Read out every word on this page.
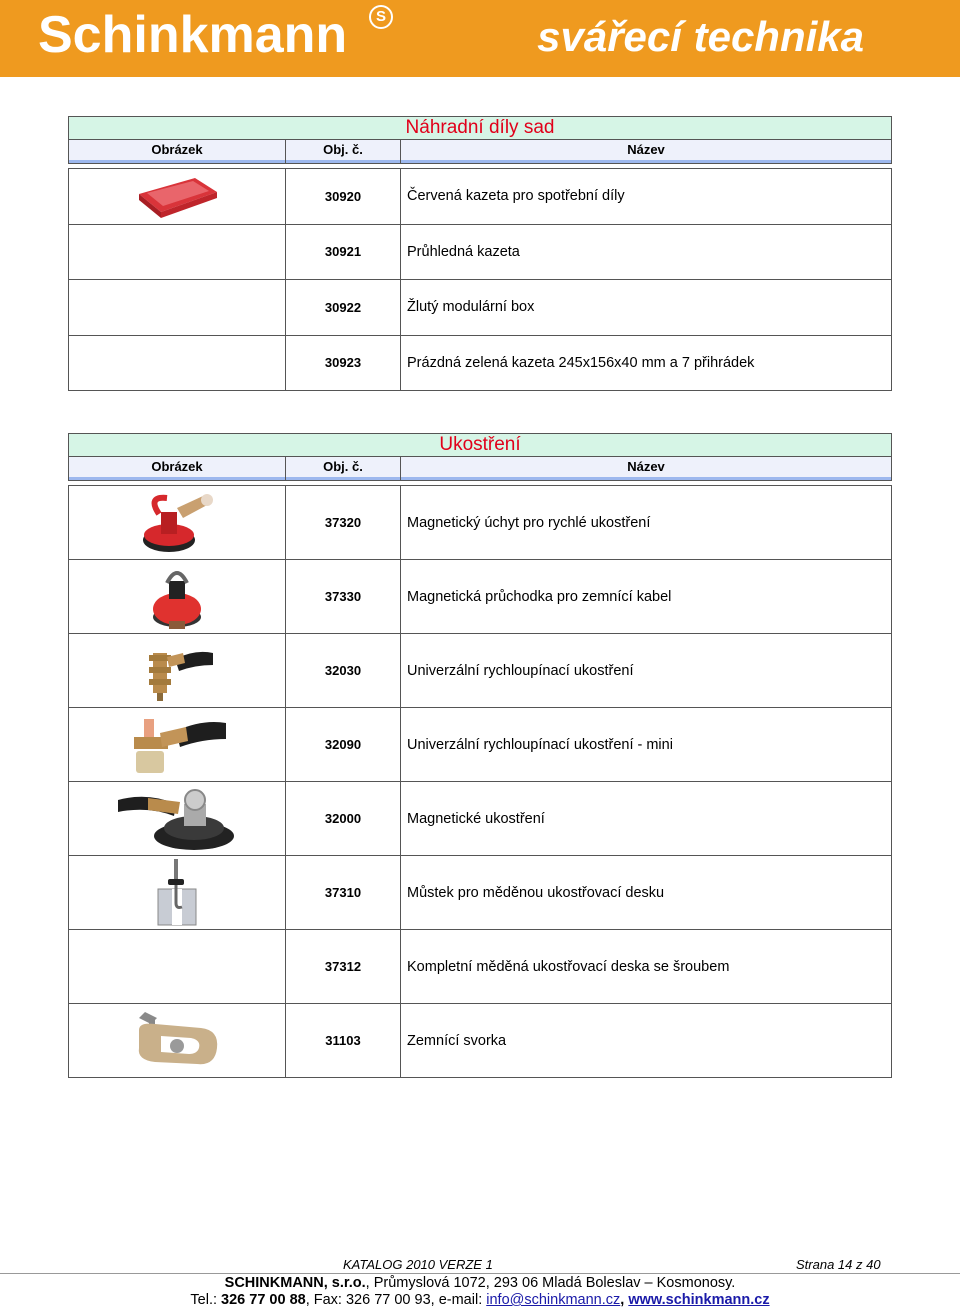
Schinkmann	S	svářecí technika
Náhradní díly sad
Obrázek	Obj. č.	Název
30920	Červená kazeta pro spotřební díly
30921	Průhledná kazeta
30922	Žlutý modulární box
30923	Prázdná zelená kazeta 245x156x40 mm a 7 přihrádek
Ukostření
Obrázek	Obj. č.	Název
37320	Magnetický úchyt pro rychlé ukostření
37330	Magnetická průchodka pro zemnící kabel
32030	Univerzální rychloupínací ukostření
32090	Univerzální rychloupínací ukostření - mini
32000	Magnetické ukostření
37310	Můstek pro měděnou ukostřovací desku
37312	Kompletní měděná ukostřovací deska se šroubem
31103	Zemnící svorka
KATALOG 2010 VERZE 1	Strana 14 z 40
SCHINKMANN, s.r.o., Průmyslová 1072, 293 06 Mladá Boleslav – Kosmonosy.
Tel.: 326 77 00 88, Fax: 326 77 00 93, e-mail: info@schinkmann.cz, www.schinkmann.cz
